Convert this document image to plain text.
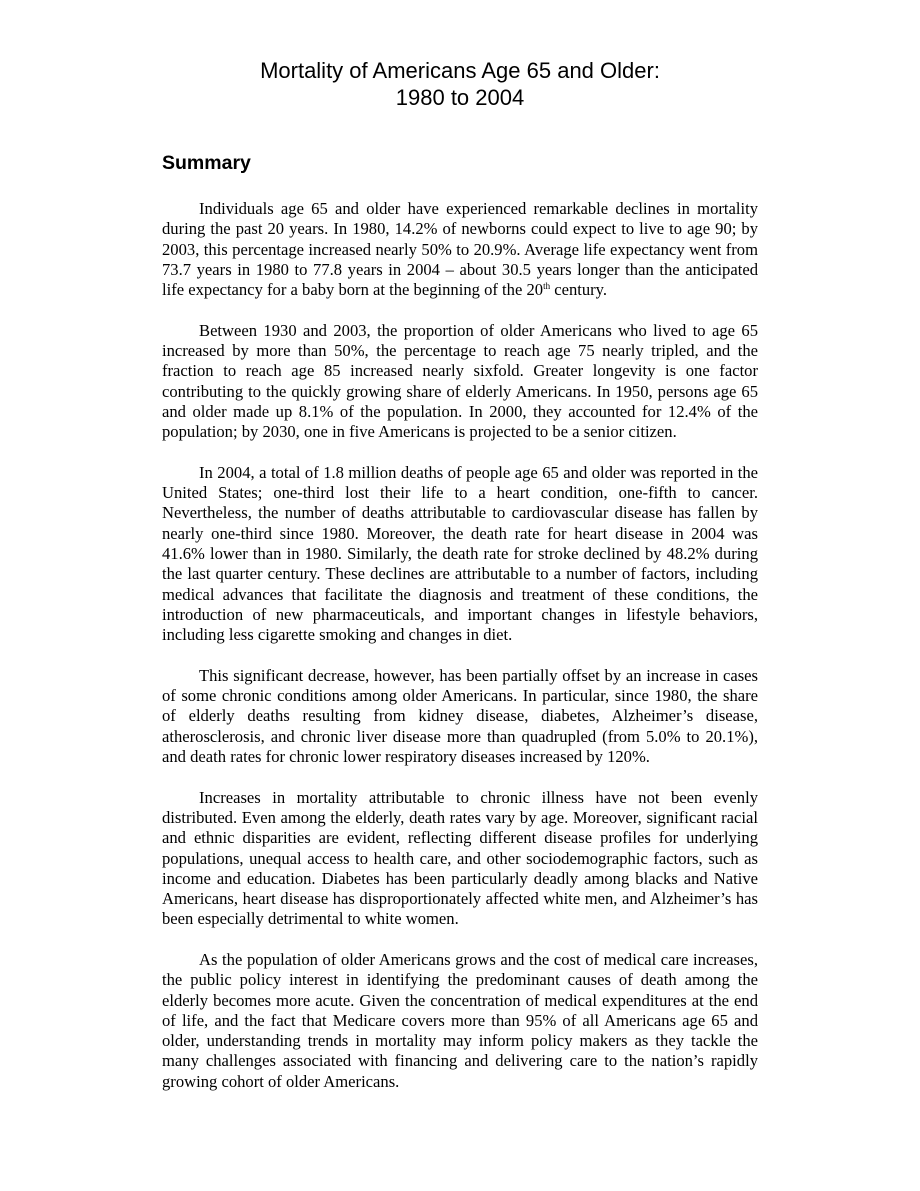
Mortality of Americans Age 65 and Older:
1980 to 2004
Summary

Individuals age 65 and older have experienced remarkable declines in mortality during the past 20 years. In 1980, 14.2% of newborns could expect to live to age 90; by 2003, this percentage increased nearly 50% to 20.9%. Average life expectancy went from 73.7 years in 1980 to 77.8 years in 2004 – about 30.5 years longer than the anticipated life expectancy for a baby born at the beginning of the 20th century.

Between 1930 and 2003, the proportion of older Americans who lived to age 65 increased by more than 50%, the percentage to reach age 75 nearly tripled, and the fraction to reach age 85 increased nearly sixfold. Greater longevity is one factor contributing to the quickly growing share of elderly Americans. In 1950, persons age 65 and older made up 8.1% of the population. In 2000, they accounted for 12.4% of the population; by 2030, one in five Americans is projected to be a senior citizen.

In 2004, a total of 1.8 million deaths of people age 65 and older was reported in the United States; one-third lost their life to a heart condition, one-fifth to cancer. Nevertheless, the number of deaths attributable to cardiovascular disease has fallen by nearly one-third since 1980. Moreover, the death rate for heart disease in 2004 was 41.6% lower than in 1980. Similarly, the death rate for stroke declined by 48.2% during the last quarter century. These declines are attributable to a number of factors, including medical advances that facilitate the diagnosis and treatment of these conditions, the introduction of new pharmaceuticals, and important changes in lifestyle behaviors, including less cigarette smoking and changes in diet.

This significant decrease, however, has been partially offset by an increase in cases of some chronic conditions among older Americans. In particular, since 1980, the share of elderly deaths resulting from kidney disease, diabetes, Alzheimer’s disease, atherosclerosis, and chronic liver disease more than quadrupled (from 5.0% to 20.1%), and death rates for chronic lower respiratory diseases increased by 120%.

Increases in mortality attributable to chronic illness have not been evenly distributed. Even among the elderly, death rates vary by age. Moreover, significant racial and ethnic disparities are evident, reflecting different disease profiles for underlying populations, unequal access to health care, and other sociodemographic factors, such as income and education. Diabetes has been particularly deadly among blacks and Native Americans, heart disease has disproportionately affected white men, and Alzheimer’s has been especially detrimental to white women.

As the population of older Americans grows and the cost of medical care increases, the public policy interest in identifying the predominant causes of death among the elderly becomes more acute. Given the concentration of medical expenditures at the end of life, and the fact that Medicare covers more than 95% of all Americans age 65 and older, understanding trends in mortality may inform policy makers as they tackle the many challenges associated with financing and delivering care to the nation’s rapidly growing cohort of older Americans.
